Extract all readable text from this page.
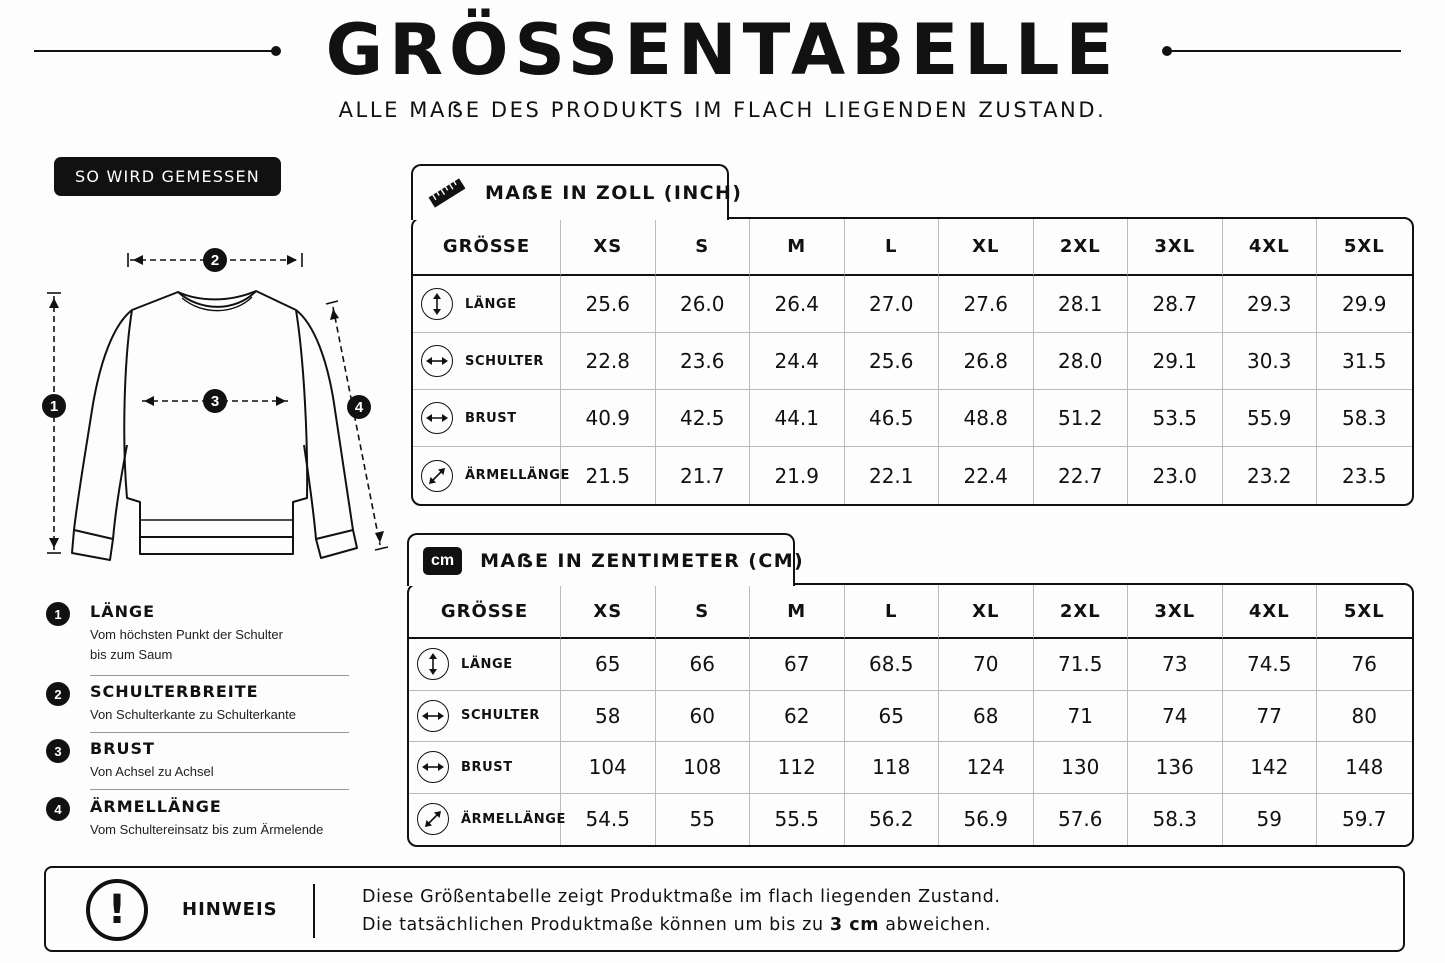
GRÖSSENTABELLE
ALLE MAẞE DES PRODUKTS IM FLACH LIEGENDEN ZUSTAND.
SO WIRD GEMESSEN
1
2
3	4
1	LÄNGE
Vom höchsten Punkt der Schulter
bis zum Saum
2	SCHULTERBREITE
Von Schulterkante zu Schulterkante
3	BRUST
Von Achsel zu Achsel
4	ÄRMELLÄNGE
Vom Schultereinsatz bis zum Ärmelende
MAẞE IN ZOLL (INCH)
GRÖSSE	XS	S	M	L	XL	2XL	3XL	4XL	5XL

LÄNGE	25.6	26.0	26.4	27.0	27.6	28.1	28.7	29.3	29.9

SCHULTER	22.8	23.6	24.4	25.6	26.8	28.0	29.1	30.3	31.5

BRUST	40.9	42.5	44.1	46.5	48.8	51.2	53.5	55.9	58.3

ÄRMELLÄNGE	21.5	21.7	21.9	22.1	22.4	22.7	23.0	23.2	23.5
cm	MAẞE IN ZENTIMETER (CM)
GRÖSSE	XS	S	M	L	XL	2XL	3XL	4XL	5XL

LÄNGE	65	66	67	68.5	70	71.5	73	74.5	76

SCHULTER	58	60	62	65	68	71	74	77	80

BRUST	104	108	112	118	124	130	136	142	148

ÄRMELLÄNGE	54.5	55	55.5	56.2	56.9	57.6	58.3	59	59.7
!	HINWEIS
Diese Größentabelle zeigt Produktmaße im flach liegenden Zustand.
Die tatsächlichen Produktmaße können um bis zu 3 cm abweichen.
